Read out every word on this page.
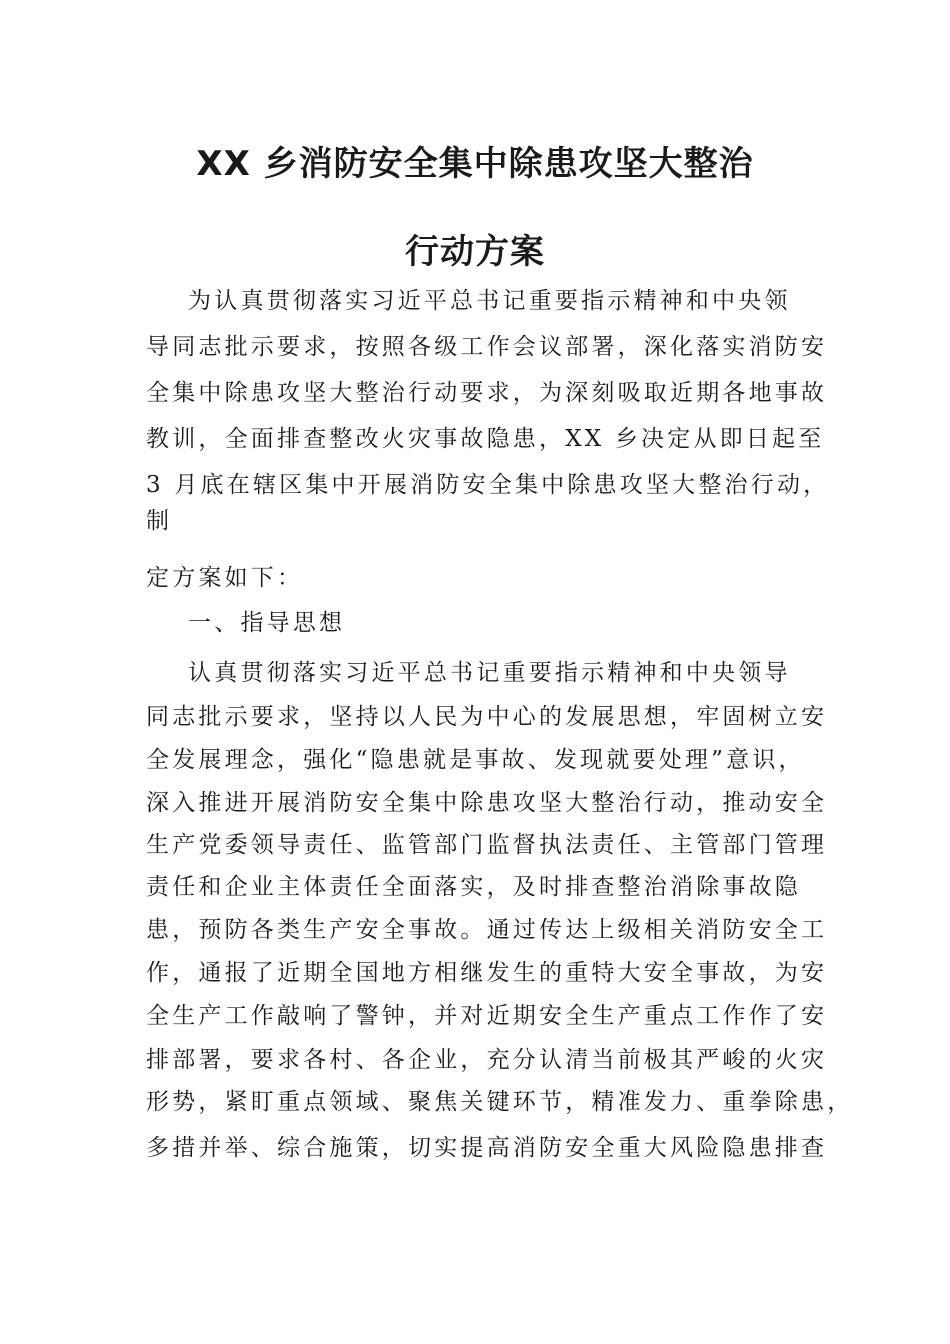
XX 乡消防安全集中除患攻坚大整治
行动方案
为认真贯彻落实习近平总书记重要指示精神和中央领
导同志批示要求，按照各级工作会议部署，深化落实消防安
全集中除患攻坚大整治行动要求，为深刻吸取近期各地事故
教训，全面排查整改火灾事故隐患，XX 乡决定从即日起至
3 月底在辖区集中开展消防安全集中除患攻坚大整治行动，
制
定方案如下：
一、指导思想
认真贯彻落实习近平总书记重要指示精神和中央领导
同志批示要求，坚持以人民为中心的发展思想，牢固树立安
全发展理念，强化“隐患就是事故、发现就要处理”意识，
深入推进开展消防安全集中除患攻坚大整治行动，推动安全
生产党委领导责任、监管部门监督执法责任、主管部门管理
责任和企业主体责任全面落实，及时排查整治消除事故隐
患，预防各类生产安全事故。通过传达上级相关消防安全工
作，通报了近期全国地方相继发生的重特大安全事故，为安
全生产工作敲响了警钟，并对近期安全生产重点工作作了安
排部署，要求各村、各企业，充分认清当前极其严峻的火灾
形势，紧盯重点领域、聚焦关键环节，精准发力、重拳除患，
多措并举、综合施策，切实提高消防安全重大风险隐患排查
